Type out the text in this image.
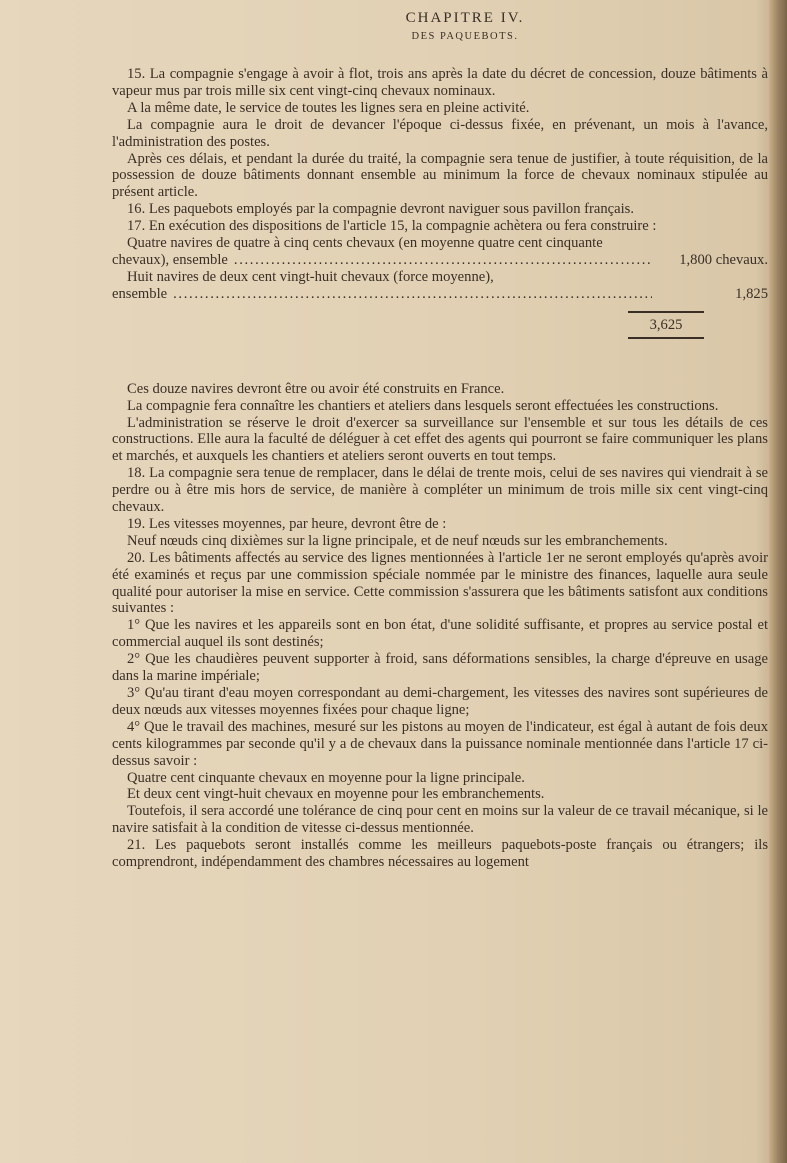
CHAPITRE IV.
DES PAQUEBOTS.

15. La compagnie s'engage à avoir à flot, trois ans après la date du décret de concession, douze bâtiments à vapeur mus par trois mille six cent vingt-cinq chevaux nominaux.

A la même date, le service de toutes les lignes sera en pleine activité.

La compagnie aura le droit de devancer l'époque ci-dessus fixée, en prévenant, un mois à l'avance, l'administration des postes.

Après ces délais, et pendant la durée du traité, la compagnie sera tenue de justifier, à toute réquisition, de la possession de douze bâtiments donnant ensemble au minimum la force de chevaux nominaux stipulée au présent article.

16. Les paquebots employés par la compagnie devront naviguer sous pavillon français.

17. En exécution des dispositions de l'article 15, la compagnie achètera ou fera construire :

Quatre navires de quatre à cinq cents chevaux (en moyenne quatre cent cinquante

chevaux), ensemble . . .	1,800 chevaux.

Huit navires de deux cent vingt-huit chevaux (force moyenne),

ensemble . . .	1,825
3,625

Ces douze navires devront être ou avoir été construits en France.

La compagnie fera connaître les chantiers et ateliers dans lesquels seront effectuées les constructions.

L'administration se réserve le droit d'exercer sa surveillance sur l'ensemble et sur tous les détails de ces constructions. Elle aura la faculté de déléguer à cet effet des agents qui pourront se faire communiquer les plans et marchés, et auxquels les chantiers et ateliers seront ouverts en tout temps.

18. La compagnie sera tenue de remplacer, dans le délai de trente mois, celui de ses navires qui viendrait à se perdre ou à être mis hors de service, de manière à compléter un minimum de trois mille six cent vingt-cinq chevaux.

19. Les vitesses moyennes, par heure, devront être de :

Neuf nœuds cinq dixièmes sur la ligne principale, et de neuf nœuds sur les embranchements.

20. Les bâtiments affectés au service des lignes mentionnées à l'article 1er ne seront employés qu'après avoir été examinés et reçus par une commission spéciale nommée par le ministre des finances, laquelle aura seule qualité pour autoriser la mise en service. Cette commission s'assurera que les bâtiments satisfont aux conditions suivantes :

1° Que les navires et les appareils sont en bon état, d'une solidité suffisante, et propres au service postal et commercial auquel ils sont destinés;

2° Que les chaudières peuvent supporter à froid, sans déformations sensibles, la charge d'épreuve en usage dans la marine impériale;

3° Qu'au tirant d'eau moyen correspondant au demi-chargement, les vitesses des navires sont supérieures de deux nœuds aux vitesses moyennes fixées pour chaque ligne;

4° Que le travail des machines, mesuré sur les pistons au moyen de l'indicateur, est égal à autant de fois deux cents kilogrammes par seconde qu'il y a de chevaux dans la puissance nominale mentionnée dans l'article 17 ci-dessus savoir :

Quatre cent cinquante chevaux en moyenne pour la ligne principale.

Et deux cent vingt-huit chevaux en moyenne pour les embranchements.

Toutefois, il sera accordé une tolérance de cinq pour cent en moins sur la valeur de ce travail mécanique, si le navire satisfait à la condition de vitesse ci-dessus mentionnée.

21. Les paquebots seront installés comme les meilleurs paquebots-poste français ou étrangers; ils comprendront, indépendamment des chambres nécessaires au logement
